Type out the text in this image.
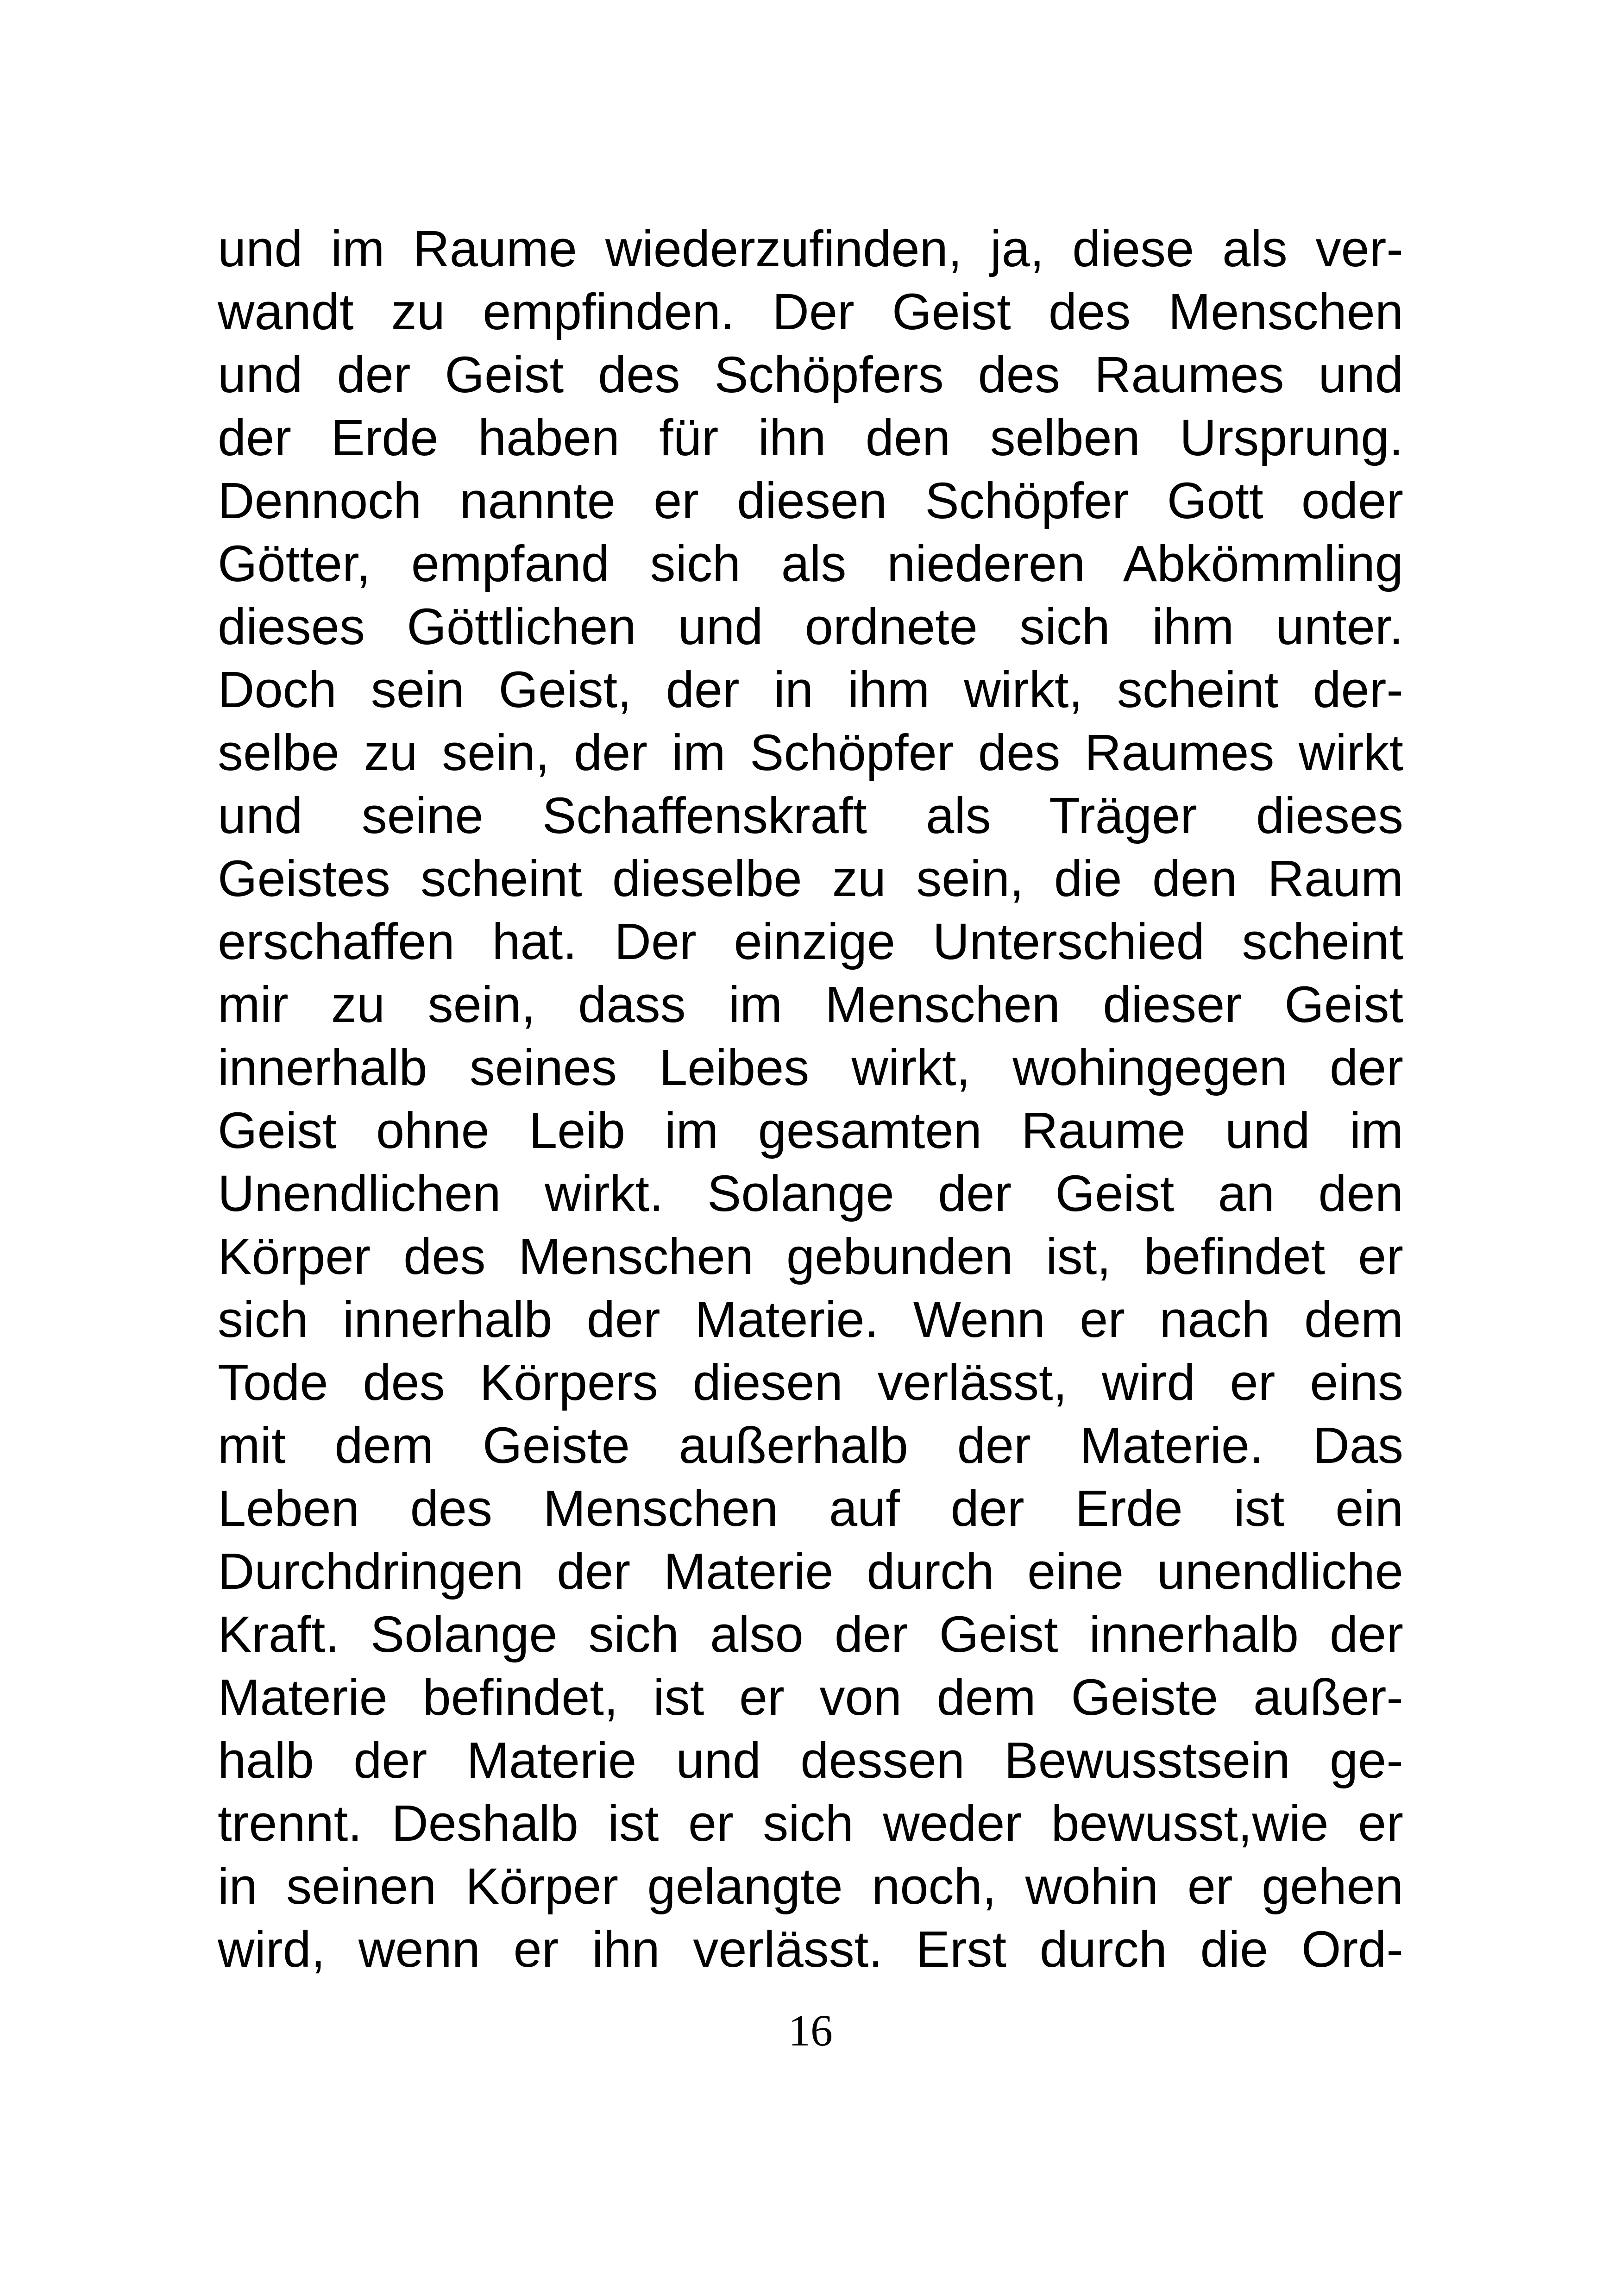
und im Raume wiederzufinden, ja, diese als ver-
wandt zu empfinden. Der Geist des Menschen
und der Geist des Schöpfers des Raumes und
der Erde haben für ihn den selben Ursprung.
Dennoch nannte er diesen Schöpfer Gott oder
Götter, empfand sich als niederen Abkömmling
dieses Göttlichen und ordnete sich ihm unter.
Doch sein Geist, der in ihm wirkt, scheint der-
selbe zu sein, der im Schöpfer des Raumes wirkt
und seine Schaffenskraft als Träger dieses
Geistes scheint dieselbe zu sein, die den Raum
erschaffen hat. Der einzige Unterschied scheint
mir zu sein, dass im Menschen dieser Geist
innerhalb seines Leibes wirkt, wohingegen der
Geist ohne Leib im gesamten Raume und im
Unendlichen wirkt. Solange der Geist an den
Körper des Menschen gebunden ist, befindet er
sich innerhalb der Materie. Wenn er nach dem
Tode des Körpers diesen verlässt, wird er eins
mit dem Geiste außerhalb der Materie. Das
Leben des Menschen auf der Erde ist ein
Durchdringen der Materie durch eine unendliche
Kraft. Solange sich also der Geist innerhalb der
Materie befindet, ist er von dem Geiste außer-
halb der Materie und dessen Bewusstsein ge-
trennt. Deshalb ist er sich weder bewusst,wie er
in seinen Körper gelangte noch, wohin er gehen
wird, wenn er ihn verlässt. Erst durch die Ord-
16
